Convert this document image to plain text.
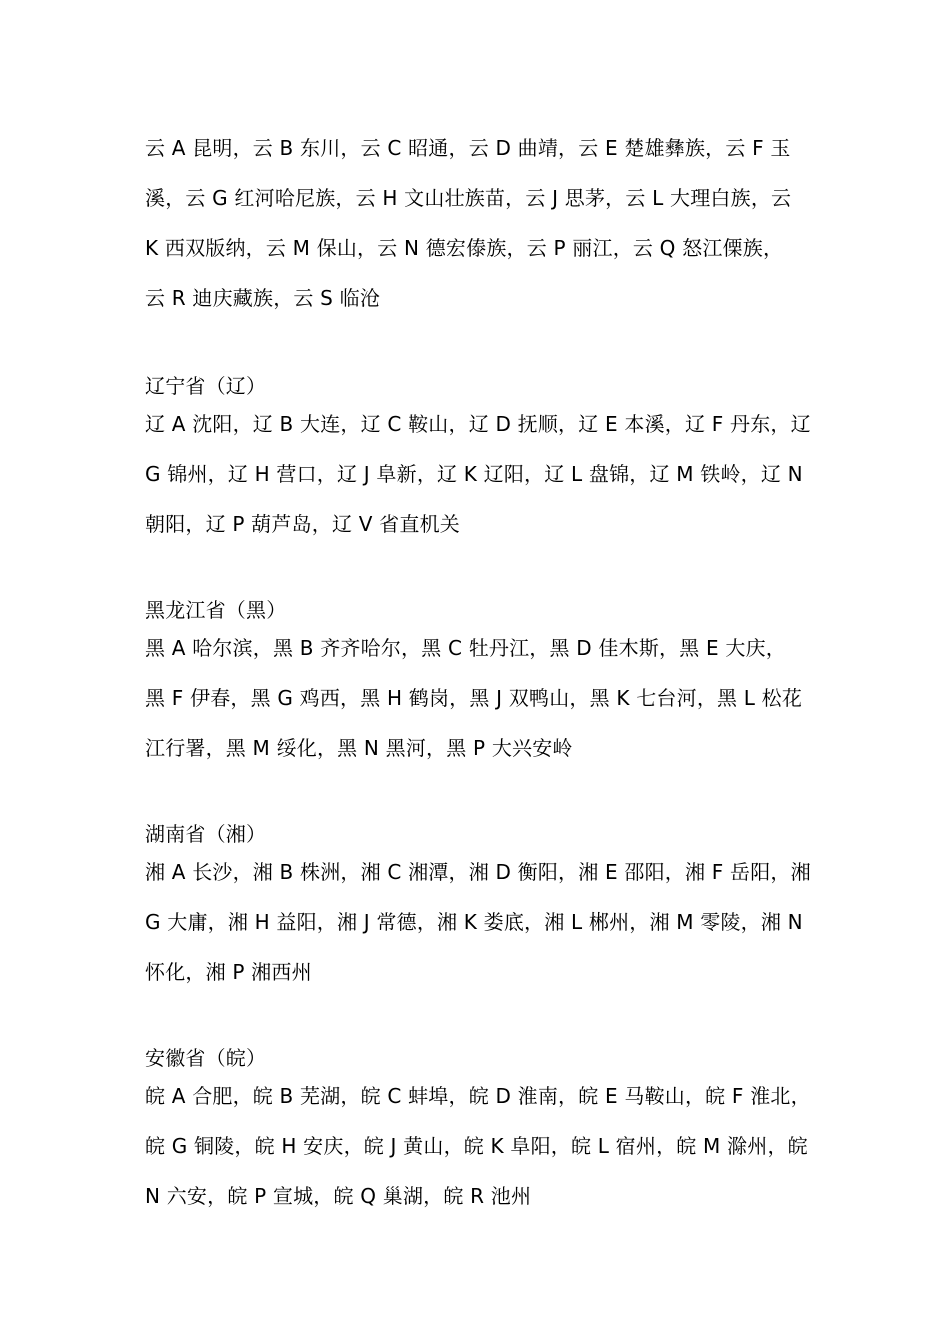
云 A 昆明，云 B 东川，云 C 昭通，云 D 曲靖，云 E 楚雄彝族，云 F 玉
溪，云 G 红河哈尼族，云 H 文山壮族苗，云 J 思茅，云 L 大理白族，云
K 西双版纳，云 M 保山，云 N 德宏傣族，云 P 丽江，云 Q 怒江傈族，
云 R 迪庆藏族，云 S 临沧
辽宁省（辽）
辽 A 沈阳，辽 B 大连，辽 C 鞍山，辽 D 抚顺，辽 E 本溪，辽 F 丹东，辽
G 锦州，辽 H 营口，辽 J 阜新，辽 K 辽阳，辽 L 盘锦，辽 M 铁岭，辽 N
朝阳，辽 P 葫芦岛，辽 V 省直机关
黑龙江省（黑）
黑 A 哈尔滨，黑 B 齐齐哈尔，黑 C 牡丹江，黑 D 佳木斯，黑 E 大庆，
黑 F 伊春，黑 G 鸡西，黑 H 鹤岗，黑 J 双鸭山，黑 K 七台河，黑 L 松花
江行署，黑 M 绥化，黑 N 黑河，黑 P 大兴安岭
湖南省（湘）
湘 A 长沙，湘 B 株洲，湘 C 湘潭，湘 D 衡阳，湘 E 邵阳，湘 F 岳阳，湘
G 大庸，湘 H 益阳，湘 J 常德，湘 K 娄底，湘 L 郴州，湘 M 零陵，湘 N
怀化，湘 P 湘西州
安徽省（皖）
皖 A 合肥，皖 B 芜湖，皖 C 蚌埠，皖 D 淮南，皖 E 马鞍山，皖 F 淮北，
皖 G 铜陵，皖 H 安庆，皖 J 黄山，皖 K 阜阳，皖 L 宿州，皖 M 滁州，皖
N 六安，皖 P 宣城，皖 Q 巢湖，皖 R 池州
